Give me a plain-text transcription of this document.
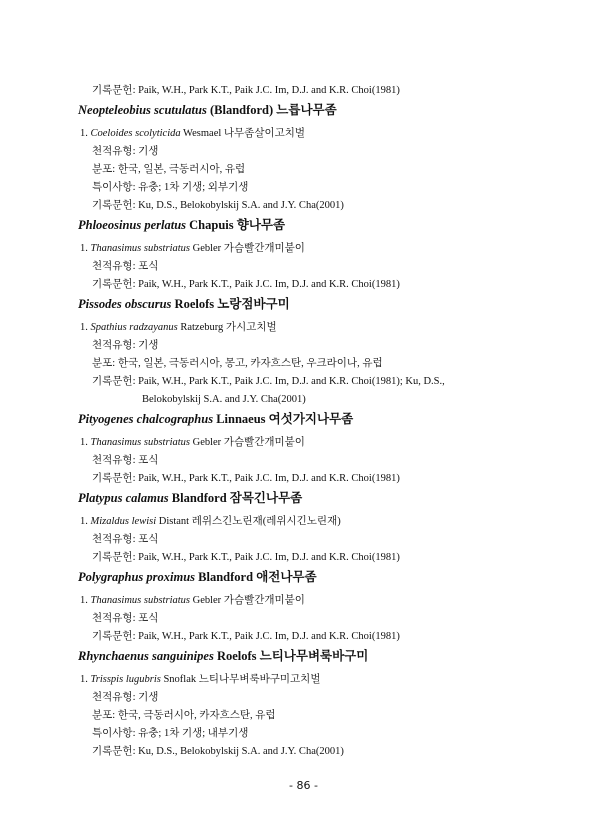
- 86 -
기록문헌: Paik, W.H., Park K.T., Paik J.C. Im, D.J. and K.R. Choi(1981)
Neopteleobius scutulatus (Blandford) 느릅나무좀
1. Coeloides scolyticida Wesmael 나무좀살이고치벌
천적유형: 기생
분포: 한국, 일본, 극동러시아, 유럽
특이사항: 유충; 1차 기생; 외부기생
기록문헌: Ku, D.S., Belokobylskij S.A. and J.Y. Cha(2001)
Phloeosinus perlatus Chapuis 향나무좀
1. Thanasimus substriatus Gebler 가슴빨간개미붙이
천적유형: 포식
기록문헌: Paik, W.H., Park K.T., Paik J.C. Im, D.J. and K.R. Choi(1981)
Pissodes obscurus Roelofs 노랑점바구미
1. Spathius radzayanus Ratzeburg 가시고치벌
천적유형: 기생
분포: 한국, 일본, 극동러시아, 몽고, 카자흐스탄, 우크라이나, 유럽
기록문헌: Paik, W.H., Park K.T., Paik J.C. Im, D.J. and K.R. Choi(1981); Ku, D.S.,
Belokobylskij S.A. and J.Y. Cha(2001)
Pityogenes chalcographus Linnaeus 여섯가지나무좀
1. Thanasimus substriatus Gebler 가슴빨간개미붙이
천적유형: 포식
기록문헌: Paik, W.H., Park K.T., Paik J.C. Im, D.J. and K.R. Choi(1981)
Platypus calamus Blandford 잠목긴나무좀
1. Mizaldus lewisi Distant 레위스긴노린재(레위시긴노린재)
천적유형: 포식
기록문헌: Paik, W.H., Park K.T., Paik J.C. Im, D.J. and K.R. Choi(1981)
Polygraphus proximus Blandford 애전나무좀
1. Thanasimus substriatus Gebler 가슴빨간개미붙이
천적유형: 포식
기록문헌: Paik, W.H., Park K.T., Paik J.C. Im, D.J. and K.R. Choi(1981)
Rhynchaenus sanguinipes Roelofs 느티나무벼룩바구미
1. Trisspis lugubris Snoflak 느티나무벼룩바구미고치벌
천적유형: 기생
분포: 한국, 극동러시아, 카자흐스탄, 유럽
특이사항: 유충; 1차 기생; 내부기생
기록문헌: Ku, D.S., Belokobylskij S.A. and J.Y. Cha(2001)
